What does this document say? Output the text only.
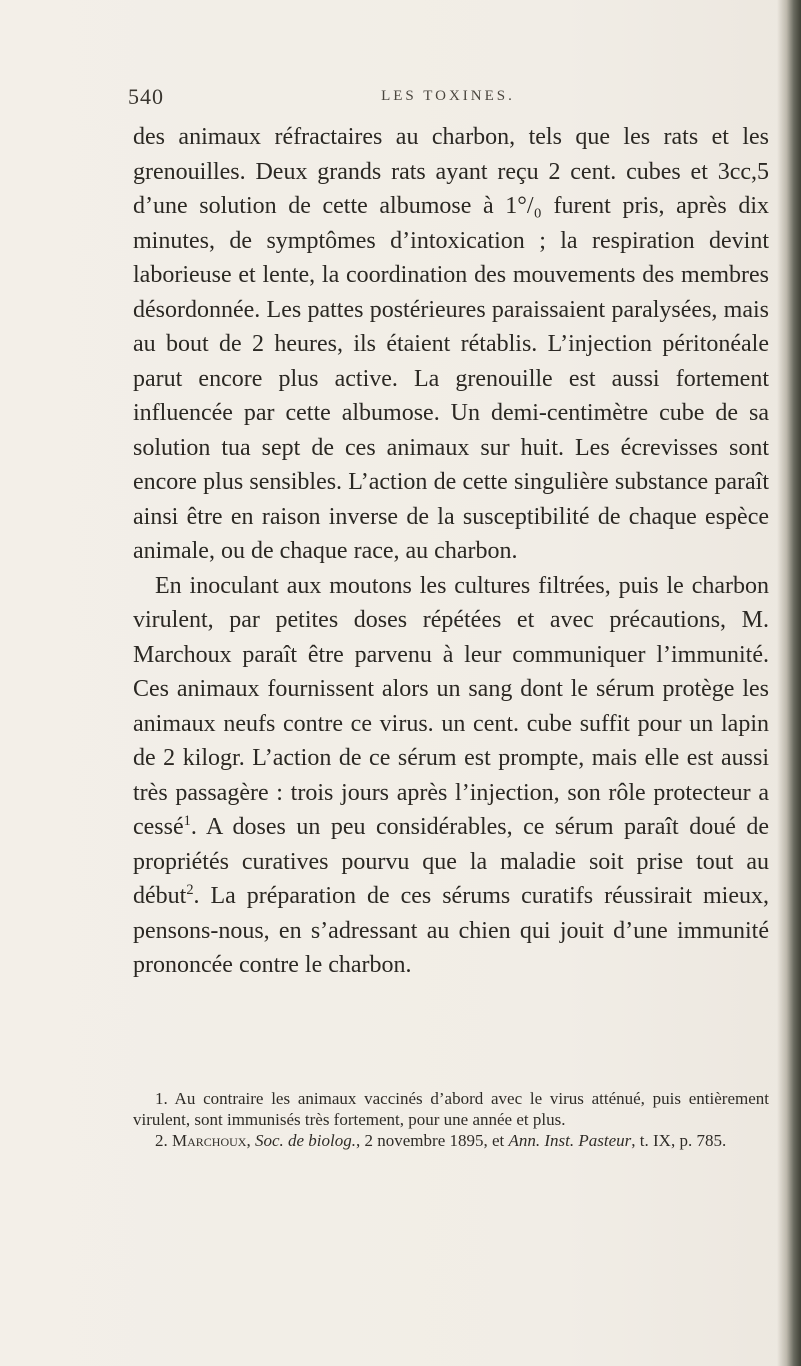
540	LES TOXINES.

des animaux réfractaires au charbon, tels que les rats et les grenouilles. Deux grands rats ayant reçu 2 cent. cubes et 3cc,5 d’une solution de cette albumose à 1°/₀ furent pris, après dix minutes, de symptômes d’intoxication ; la respiration devint laborieuse et lente, la coordination des mouvements des membres désordonnée. Les pattes postérieures paraissaient paralysées, mais au bout de 2 heures, ils étaient rétablis. L’injection péritonéale parut encore plus active. La grenouille est aussi fortement influencée par cette albumose. Un demi-centimètre cube de sa solution tua sept de ces animaux sur huit. Les écrevisses sont encore plus sensibles. L’action de cette singulière substance paraît ainsi être en raison inverse de la susceptibilité de chaque espèce animale, ou de chaque race, au charbon.

En inoculant aux moutons les cultures filtrées, puis le charbon virulent, par petites doses répétées et avec précautions, M. Marchoux paraît être parvenu à leur communiquer l’immunité. Ces animaux fournissent alors un sang dont le sérum protège les animaux neufs contre ce virus. un cent. cube suffit pour un lapin de 2 kilogr. L’action de ce sérum est prompte, mais elle est aussi très passagère : trois jours après l’injection, son rôle protecteur a cessé$^1$. A doses un peu considérables, ce sérum paraît doué de propriétés curatives pourvu que la maladie soit prise tout au début$^2$. La préparation de ces sérums curatifs réussirait mieux, pensons-nous, en s’adressant au chien qui jouit d’une immunité prononcée contre le charbon.

1. Au contraire les animaux vaccinés d’abord avec le virus atténué, puis entièrement virulent, sont immunisés très fortement, pour une année et plus.

2. Marchoux, Soc. de biolog., 2 novembre 1895, et Ann. Inst. Pasteur, t. IX, p. 785.
